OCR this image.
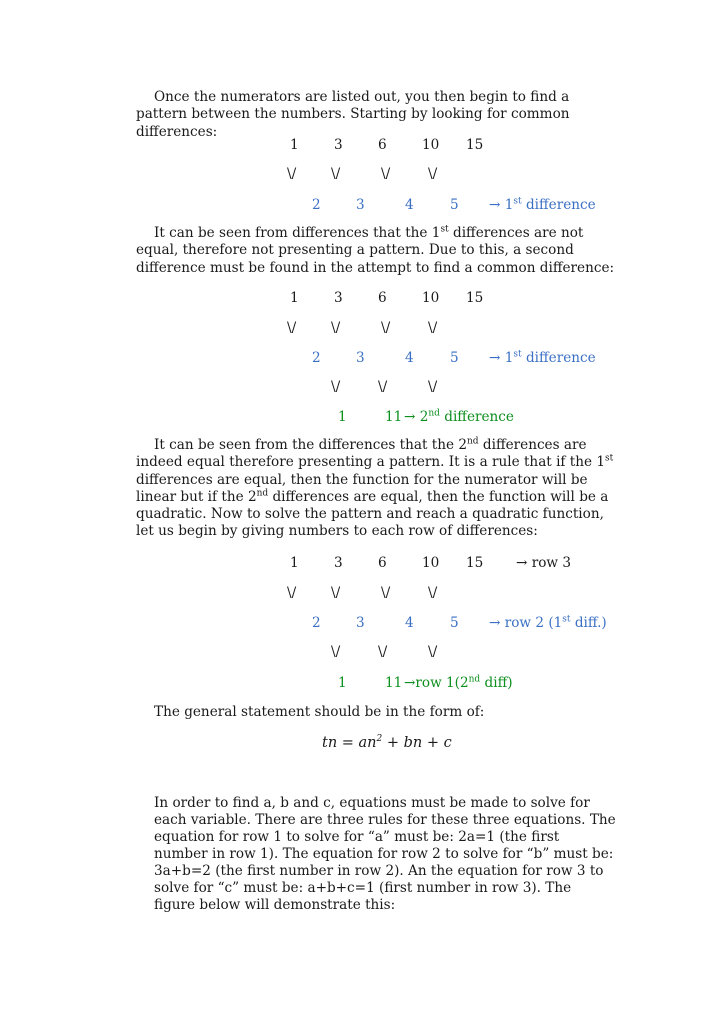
Once the numerators are listed out, you then begin to find a pattern between the numbers. Starting by looking for common differences:

1	3	6	10 15
\/	\/	\/	\/
2	3	4	5 → 1st difference

It can be seen from differences that the 1st differences are not equal, therefore not presenting a pattern. Due to this, a second difference must be found in the attempt to find a common difference:

1	3	6	10 15
\/	\/	\/	\/
2	3	4	5 → 1st difference
\/	\/	\/
1	11 → 2nd difference

It can be seen from the differences that the 2nd differences are indeed equal therefore presenting a pattern. It is a rule that if the 1st differences are equal, then the function for the numerator will be linear but if the 2nd differences are equal, then the function will be a quadratic. Now to solve the pattern and reach a quadratic function, let us begin by giving numbers to each row of differences:

1	3	6	10 15 → row 3
\/	\/	\/	\/
2	3	4	5 → row 2 (1st diff.)
\/	\/	\/
1	11 →row 1(2nd diff)

The general statement should be in the form of:

tn = $an^2$ + bn + c

In order to find a, b and c, equations must be made to solve for each variable. There are three rules for these three equations. The equation for row 1 to solve for “a” must be: 2a=1 (the first number in row 1). The equation for row 2 to solve for “b” must be: 3a+b=2 (the first number in row 2). An the equation for row 3 to solve for “c” must be: a+b+c=1 (first number in row 3). The figure below will demonstrate this:
